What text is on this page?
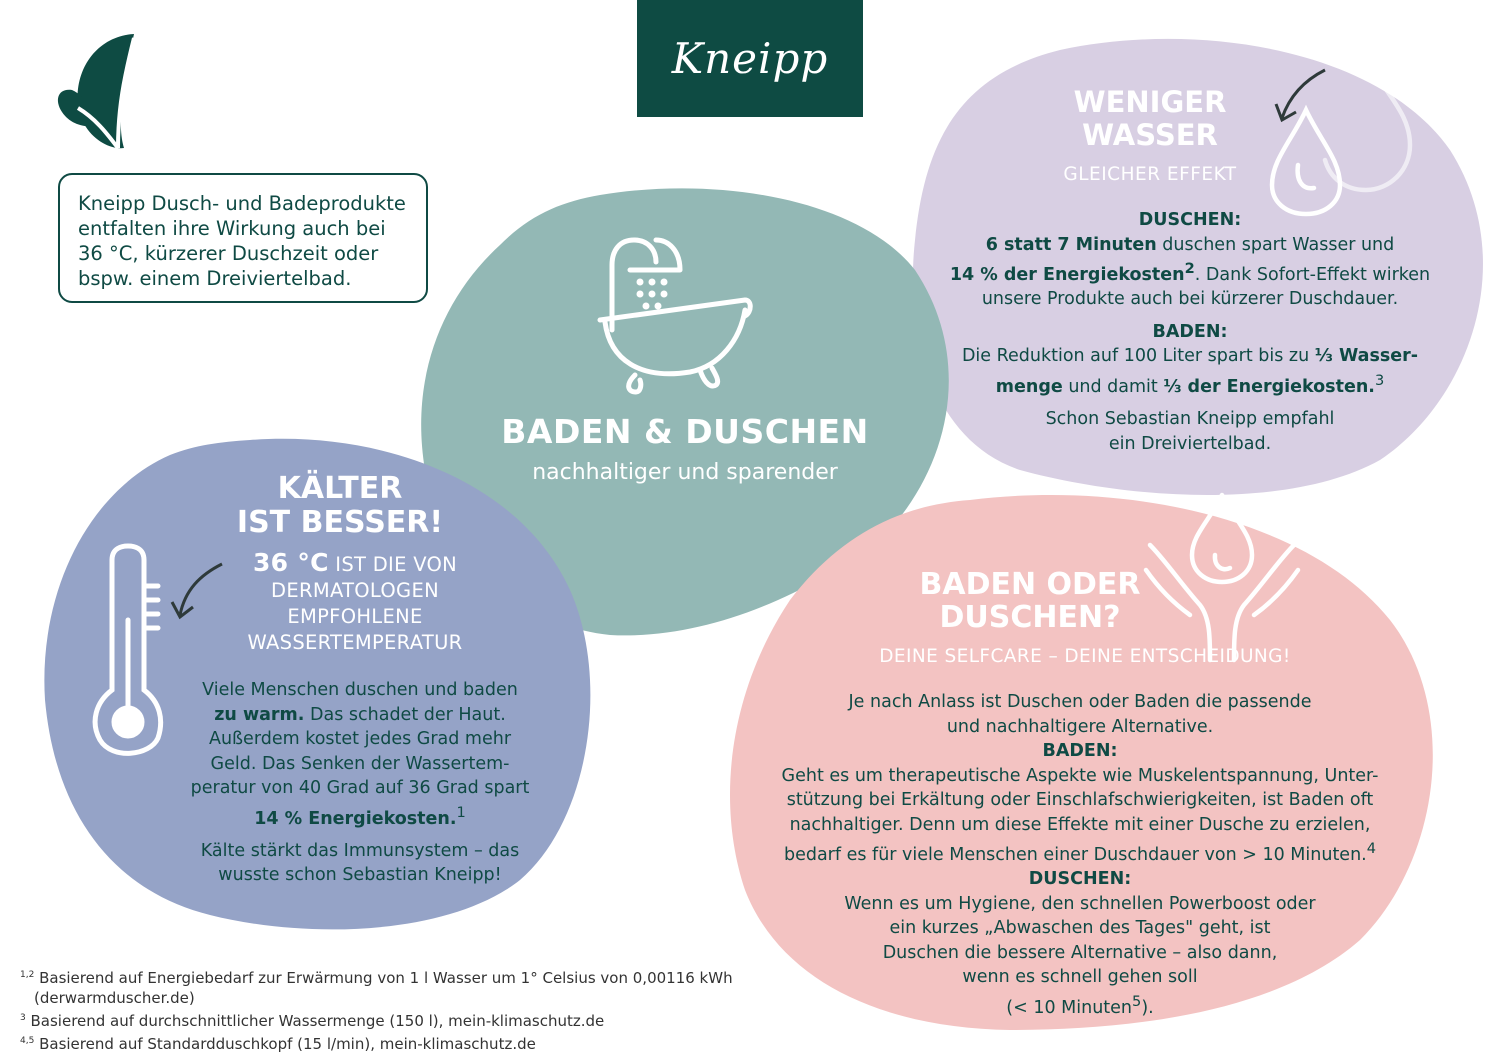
Kneipp
Kneipp Dusch- und Badeprodukte
entfalten ihre Wirkung auch bei
36 °C, kürzerer Duschzeit oder
bspw. einem Dreiviertelbad.
BADEN & DUSCHEN
nachhaltiger und sparender
WENIGER
WASSER
GLEICHER EFFEKT
DUSCHEN:
6 statt 7 Minuten duschen spart Wasser und
14 % der Energiekosten$^2$. Dank Sofort-Effekt wirken
unsere Produkte auch bei kürzerer Duschdauer.
BADEN:
Die Reduktion auf 100 Liter spart bis zu ⅓ Wasser-
menge und damit ⅓ der Energiekosten.$^3$
Schon Sebastian Kneipp empfahl
ein Dreiviertelbad.
KÄLTER
IST BESSER!
36 °C IST DIE VON
DERMATOLOGEN
EMPFOHLENE
WASSERTEMPERATUR
Viele Menschen duschen und baden
zu warm. Das schadet der Haut.
Außerdem kostet jedes Grad mehr
Geld. Das Senken der Wassertem-
peratur von 40 Grad auf 36 Grad spart
14 % Energiekosten.$^1$
Kälte stärkt das Immunsystem – das
wusste schon Sebastian Kneipp!
BADEN ODER
DUSCHEN?
DEINE SELFCARE – DEINE ENTSCHEIDUNG!
Je nach Anlass ist Duschen oder Baden die passende
und nachhaltigere Alternative.
BADEN:
Geht es um therapeutische Aspekte wie Muskelentspannung, Unter-
stützung bei Erkältung oder Einschlafschwierigkeiten, ist Baden oft
nachhaltiger. Denn um diese Effekte mit einer Dusche zu erzielen,
bedarf es für viele Menschen einer Duschdauer von > 10 Minuten.$^4$
DUSCHEN:
Wenn es um Hygiene, den schnellen Powerboost oder
ein kurzes „Abwaschen des Tages" geht, ist
Duschen die bessere Alternative – also dann,
wenn es schnell gehen soll
(< 10 Minuten$^5$).
$^{1,2}$ Basierend auf Energiebedarf zur Erwärmung von 1 l Wasser um 1° Celsius von 0,00116 kWh
(derwarmduscher.de)
$^3$ Basierend auf durchschnittlicher Wassermenge (150 l), mein-klimaschutz.de
$^{4,5}$ Basierend auf Standardduschkopf (15 l/min), mein-klimaschutz.de
